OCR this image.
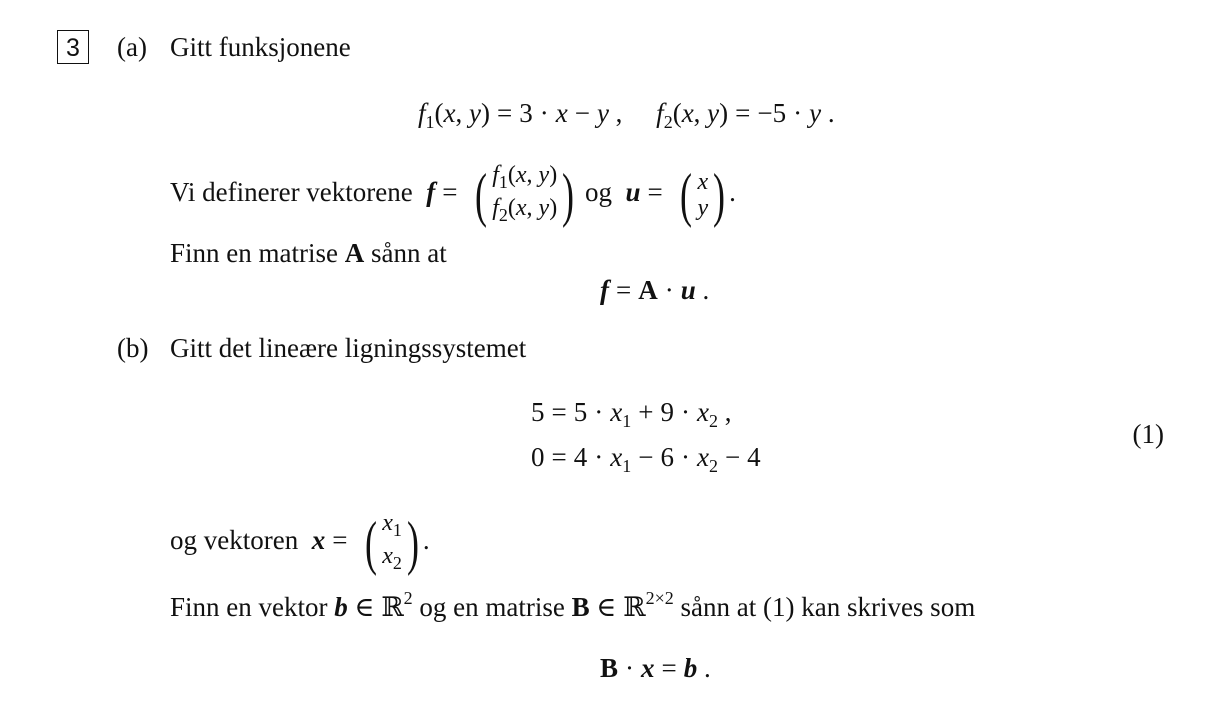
3	(a) Gitt funksjonene
$f_1(x$, y) = 3 · x − y ,     $f_2(x$, y) = −5 · y .
Vi definerer vektorene  f = ( $f_1(x$, y)
$f_2(x$, y) ) og  u = ( x
y ) .
Finn en matrise A sånn at
f = A · u .
(b) Gitt det lineære ligningssystemet
$5 = 5 \cdot x_1 + 9 \cdot x_2$ ,
$0 = 4 \cdot x_1 - 6 \cdot x_2 - 4$
(1)
og vektoren  x = ( $x_1$
$x_2$ ) .
Finn en vektor b ∈ ℝ$^2$ og en matrise B ∈ ℝ$^{2\times 2}$ sånn at (1) kan skrives som
B · x = b .
